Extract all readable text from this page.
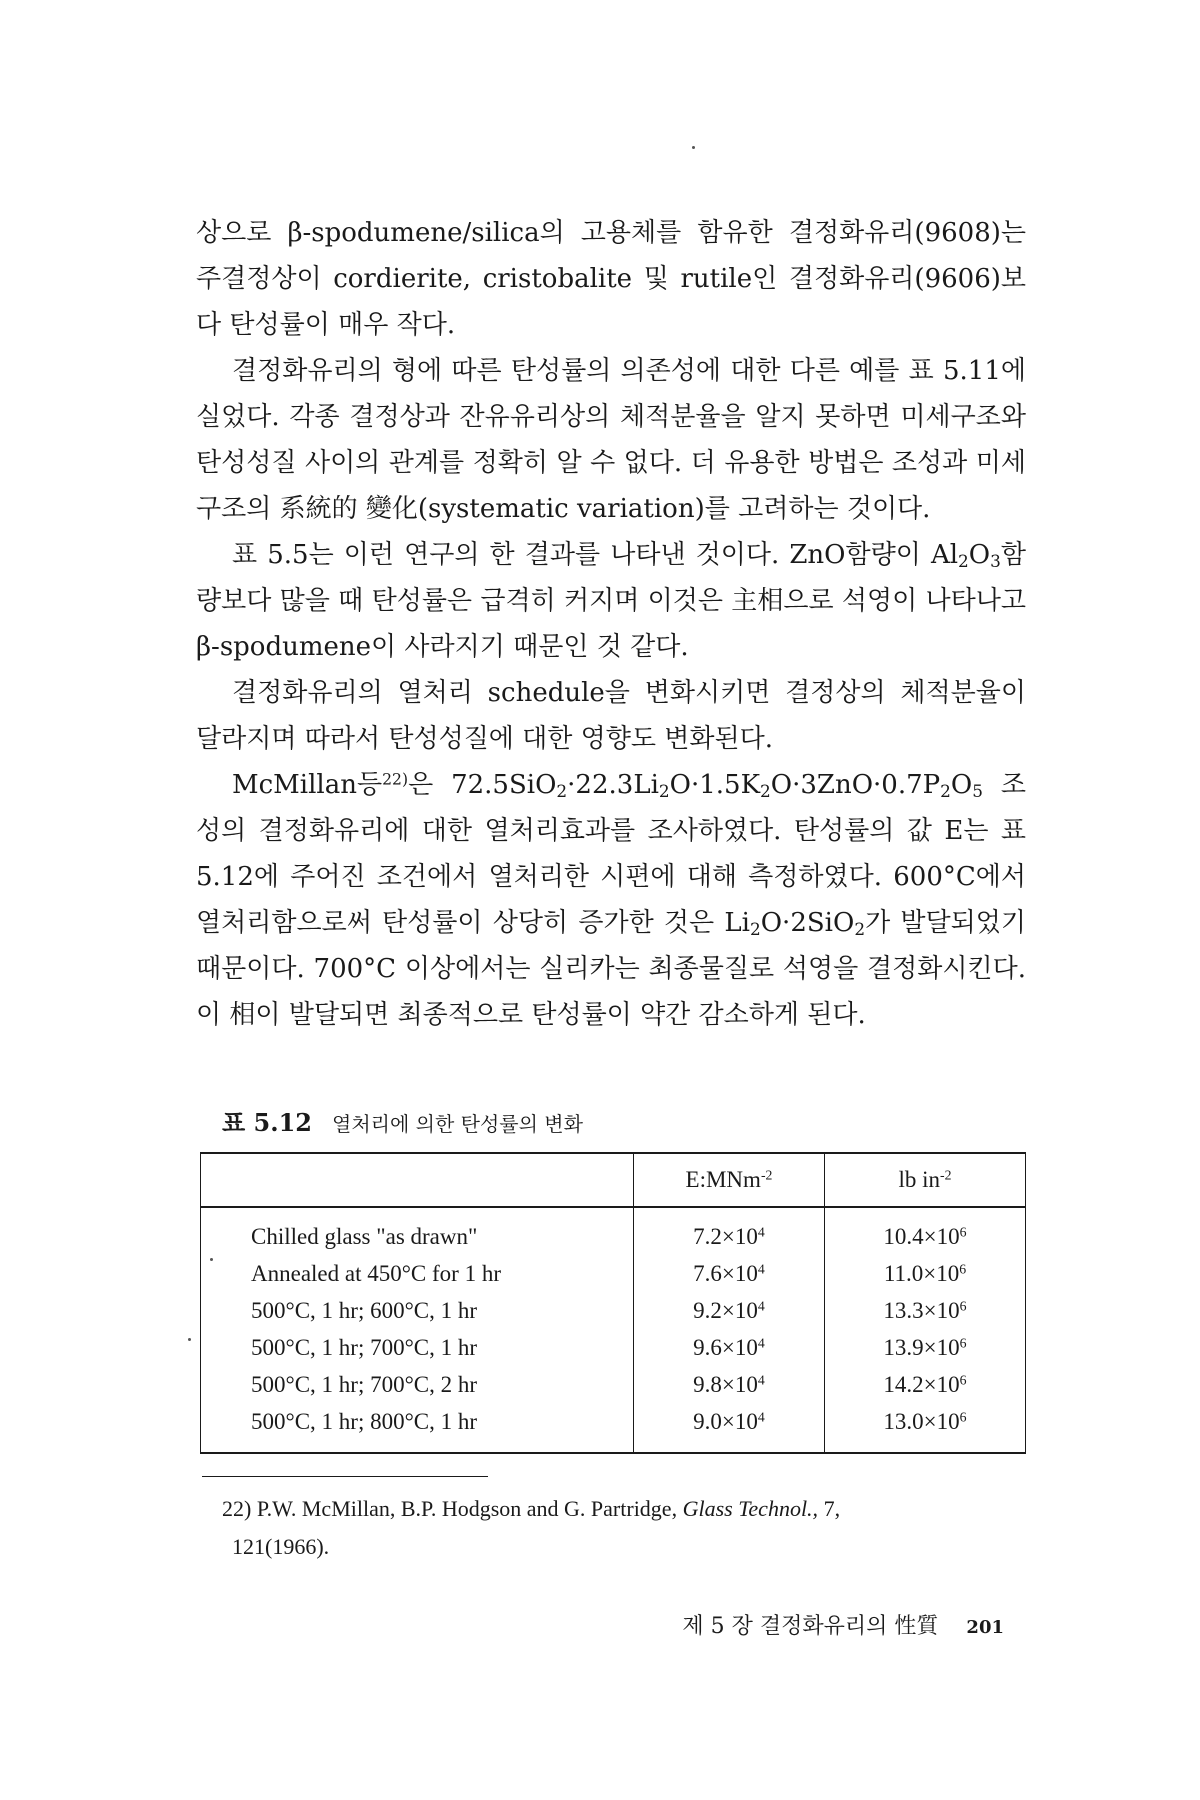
상으로 β-spodumene/silica의 고용체를 함유한 결정화유리(9608)는 주결정상이 cordierite, cristobalite 및 rutile인 결정화유리(9606)보다 탄성률이 매우 작다.

결정화유리의 형에 따른 탄성률의 의존성에 대한 다른 예를 표 5.11에 실었다. 각종 결정상과 잔유유리상의 체적분율을 알지 못하면 미세구조와 탄성성질 사이의 관계를 정확히 알 수 없다. 더 유용한 방법은 조성과 미세구조의 系統的 變化(systematic variation)를 고려하는 것이다.

표 5.5는 이런 연구의 한 결과를 나타낸 것이다. ZnO함량이 $Al_2O_3$함량보다 많을 때 탄성률은 급격히 커지며 이것은 主相으로 석영이 나타나고 β-spodumene이 사라지기 때문인 것 같다.

결정화유리의 열처리 schedule을 변화시키면 결정상의 체적분율이 달라지며 따라서 탄성성질에 대한 영향도 변화된다.

McMillan등$^{22)}$은 $72.5SiO_2\cdot 22.3Li_2O\cdot 1.5K_2O\cdot 3ZnO\cdot 0.7P_2O_5$ 조성의 결정화유리에 대한 열처리효과를 조사하였다. 탄성률의 값 E는 표 5.12에 주어진 조건에서 열처리한 시편에 대해 측정하였다. 600°C에서 열처리함으로써 탄성률이 상당히 증가한 것은 $Li_2O\cdot 2SiO_2$가 발달되었기 때문이다. 700°C 이상에서는 실리카는 최종물질로 석영을 결정화시킨다. 이 相이 발달되면 최종적으로 탄성률이 약간 감소하게 된다.

표 5.12 열처리에 의한 탄성률의 변화
	E:MNm$^{-2}$	lb $in^{-2}$
Chilled glass "as drawn"	$7.2\times 10^4$	$10.4\times 10^6$
Annealed at 450°C for 1 hr	$7.6\times 10^4$	$11.0\times 10^6$
500°C, 1 hr; 600°C, 1 hr	$9.2\times 10^4$	$13.3\times 10^6$
500°C, 1 hr; 700°C, 1 hr	$9.6\times 10^4$	$13.9\times 10^6$
500°C, 1 hr; 700°C, 2 hr	$9.8\times 10^4$	$14.2\times 10^6$
500°C, 1 hr; 800°C, 1 hr	$9.0\times 10^4$	$13.0\times 10^6$
22) P.W. McMillan, B.P. Hodgson and G. Partridge, Glass Technol., 7,
121(1966).
제 5 장 결정화유리의 性質 201
